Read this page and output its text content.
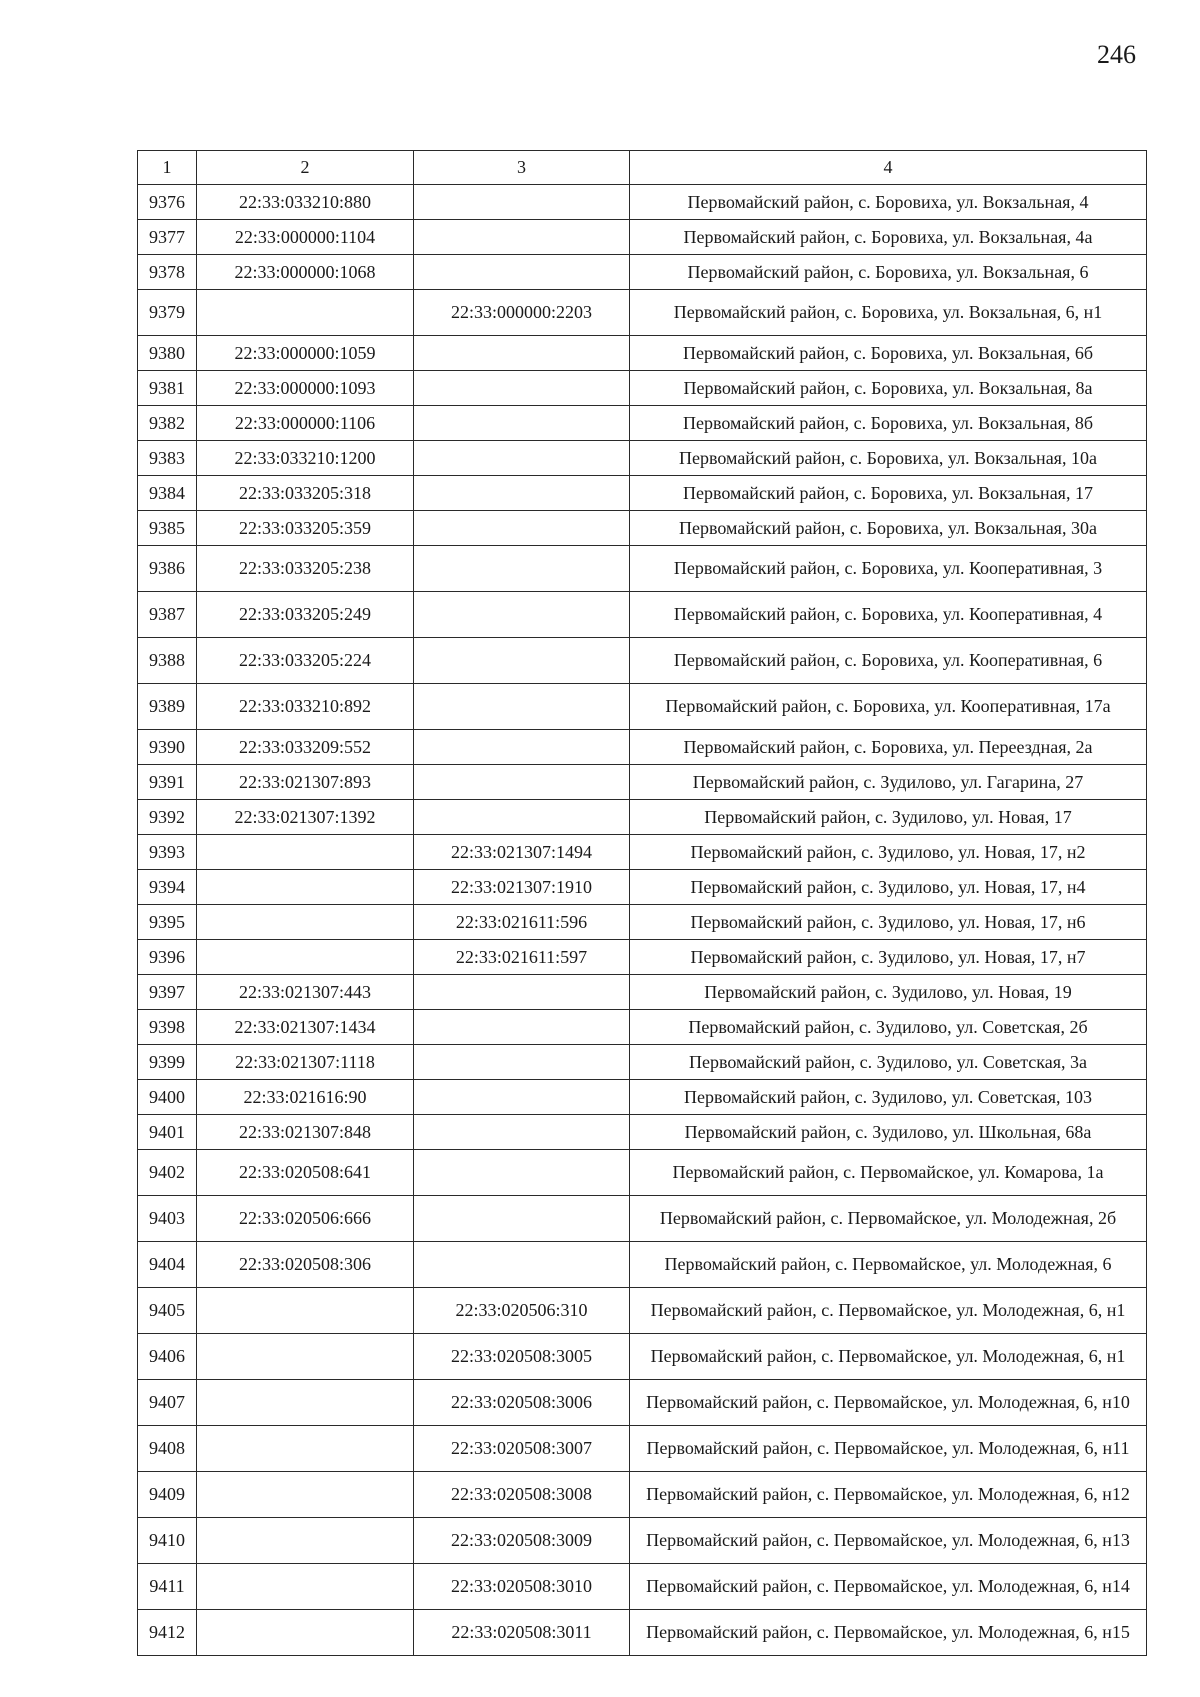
246
1	2	3	4
9376	22:33:033210:880		Первомайский район, с. Боровиха, ул. Вокзальная, 4
9377	22:33:000000:1104		Первомайский район, с. Боровиха, ул. Вокзальная, 4а
9378	22:33:000000:1068		Первомайский район, с. Боровиха, ул. Вокзальная, 6
9379		22:33:000000:2203	Первомайский район, с. Боровиха, ул. Вокзальная, 6, н1
9380	22:33:000000:1059		Первомайский район, с. Боровиха, ул. Вокзальная, 6б
9381	22:33:000000:1093		Первомайский район, с. Боровиха, ул. Вокзальная, 8а
9382	22:33:000000:1106		Первомайский район, с. Боровиха, ул. Вокзальная, 8б
9383	22:33:033210:1200		Первомайский район, с. Боровиха, ул. Вокзальная, 10а
9384	22:33:033205:318		Первомайский район, с. Боровиха, ул. Вокзальная, 17
9385	22:33:033205:359		Первомайский район, с. Боровиха, ул. Вокзальная, 30а
9386	22:33:033205:238		Первомайский район, с. Боровиха, ул. Кооперативная, 3
9387	22:33:033205:249		Первомайский район, с. Боровиха, ул. Кооперативная, 4
9388	22:33:033205:224		Первомайский район, с. Боровиха, ул. Кооперативная, 6
9389	22:33:033210:892		Первомайский район, с. Боровиха, ул. Кооперативная, 17а
9390	22:33:033209:552		Первомайский район, с. Боровиха, ул. Переездная, 2а
9391	22:33:021307:893		Первомайский район, с. Зудилово, ул. Гагарина, 27
9392	22:33:021307:1392		Первомайский район, с. Зудилово, ул. Новая, 17
9393		22:33:021307:1494	Первомайский район, с. Зудилово, ул. Новая, 17, н2
9394		22:33:021307:1910	Первомайский район, с. Зудилово, ул. Новая, 17, н4
9395		22:33:021611:596	Первомайский район, с. Зудилово, ул. Новая, 17, н6
9396		22:33:021611:597	Первомайский район, с. Зудилово, ул. Новая, 17, н7
9397	22:33:021307:443		Первомайский район, с. Зудилово, ул. Новая, 19
9398	22:33:021307:1434		Первомайский район, с. Зудилово, ул. Советская, 2б
9399	22:33:021307:1118		Первомайский район, с. Зудилово, ул. Советская, 3а
9400	22:33:021616:90		Первомайский район, с. Зудилово, ул. Советская, 103
9401	22:33:021307:848		Первомайский район, с. Зудилово, ул. Школьная, 68а
9402	22:33:020508:641		Первомайский район, с. Первомайское, ул. Комарова, 1а
9403	22:33:020506:666		Первомайский район, с. Первомайское, ул. Молодежная, 2б
9404	22:33:020508:306		Первомайский район, с. Первомайское, ул. Молодежная, 6
9405		22:33:020506:310	Первомайский район, с. Первомайское, ул. Молодежная, 6, н1
9406		22:33:020508:3005	Первомайский район, с. Первомайское, ул. Молодежная, 6, н1
9407		22:33:020508:3006	Первомайский район, с. Первомайское, ул. Молодежная, 6, н10
9408		22:33:020508:3007	Первомайский район, с. Первомайское, ул. Молодежная, 6, н11
9409		22:33:020508:3008	Первомайский район, с. Первомайское, ул. Молодежная, 6, н12
9410		22:33:020508:3009	Первомайский район, с. Первомайское, ул. Молодежная, 6, н13
9411		22:33:020508:3010	Первомайский район, с. Первомайское, ул. Молодежная, 6, н14
9412		22:33:020508:3011	Первомайский район, с. Первомайское, ул. Молодежная, 6, н15
